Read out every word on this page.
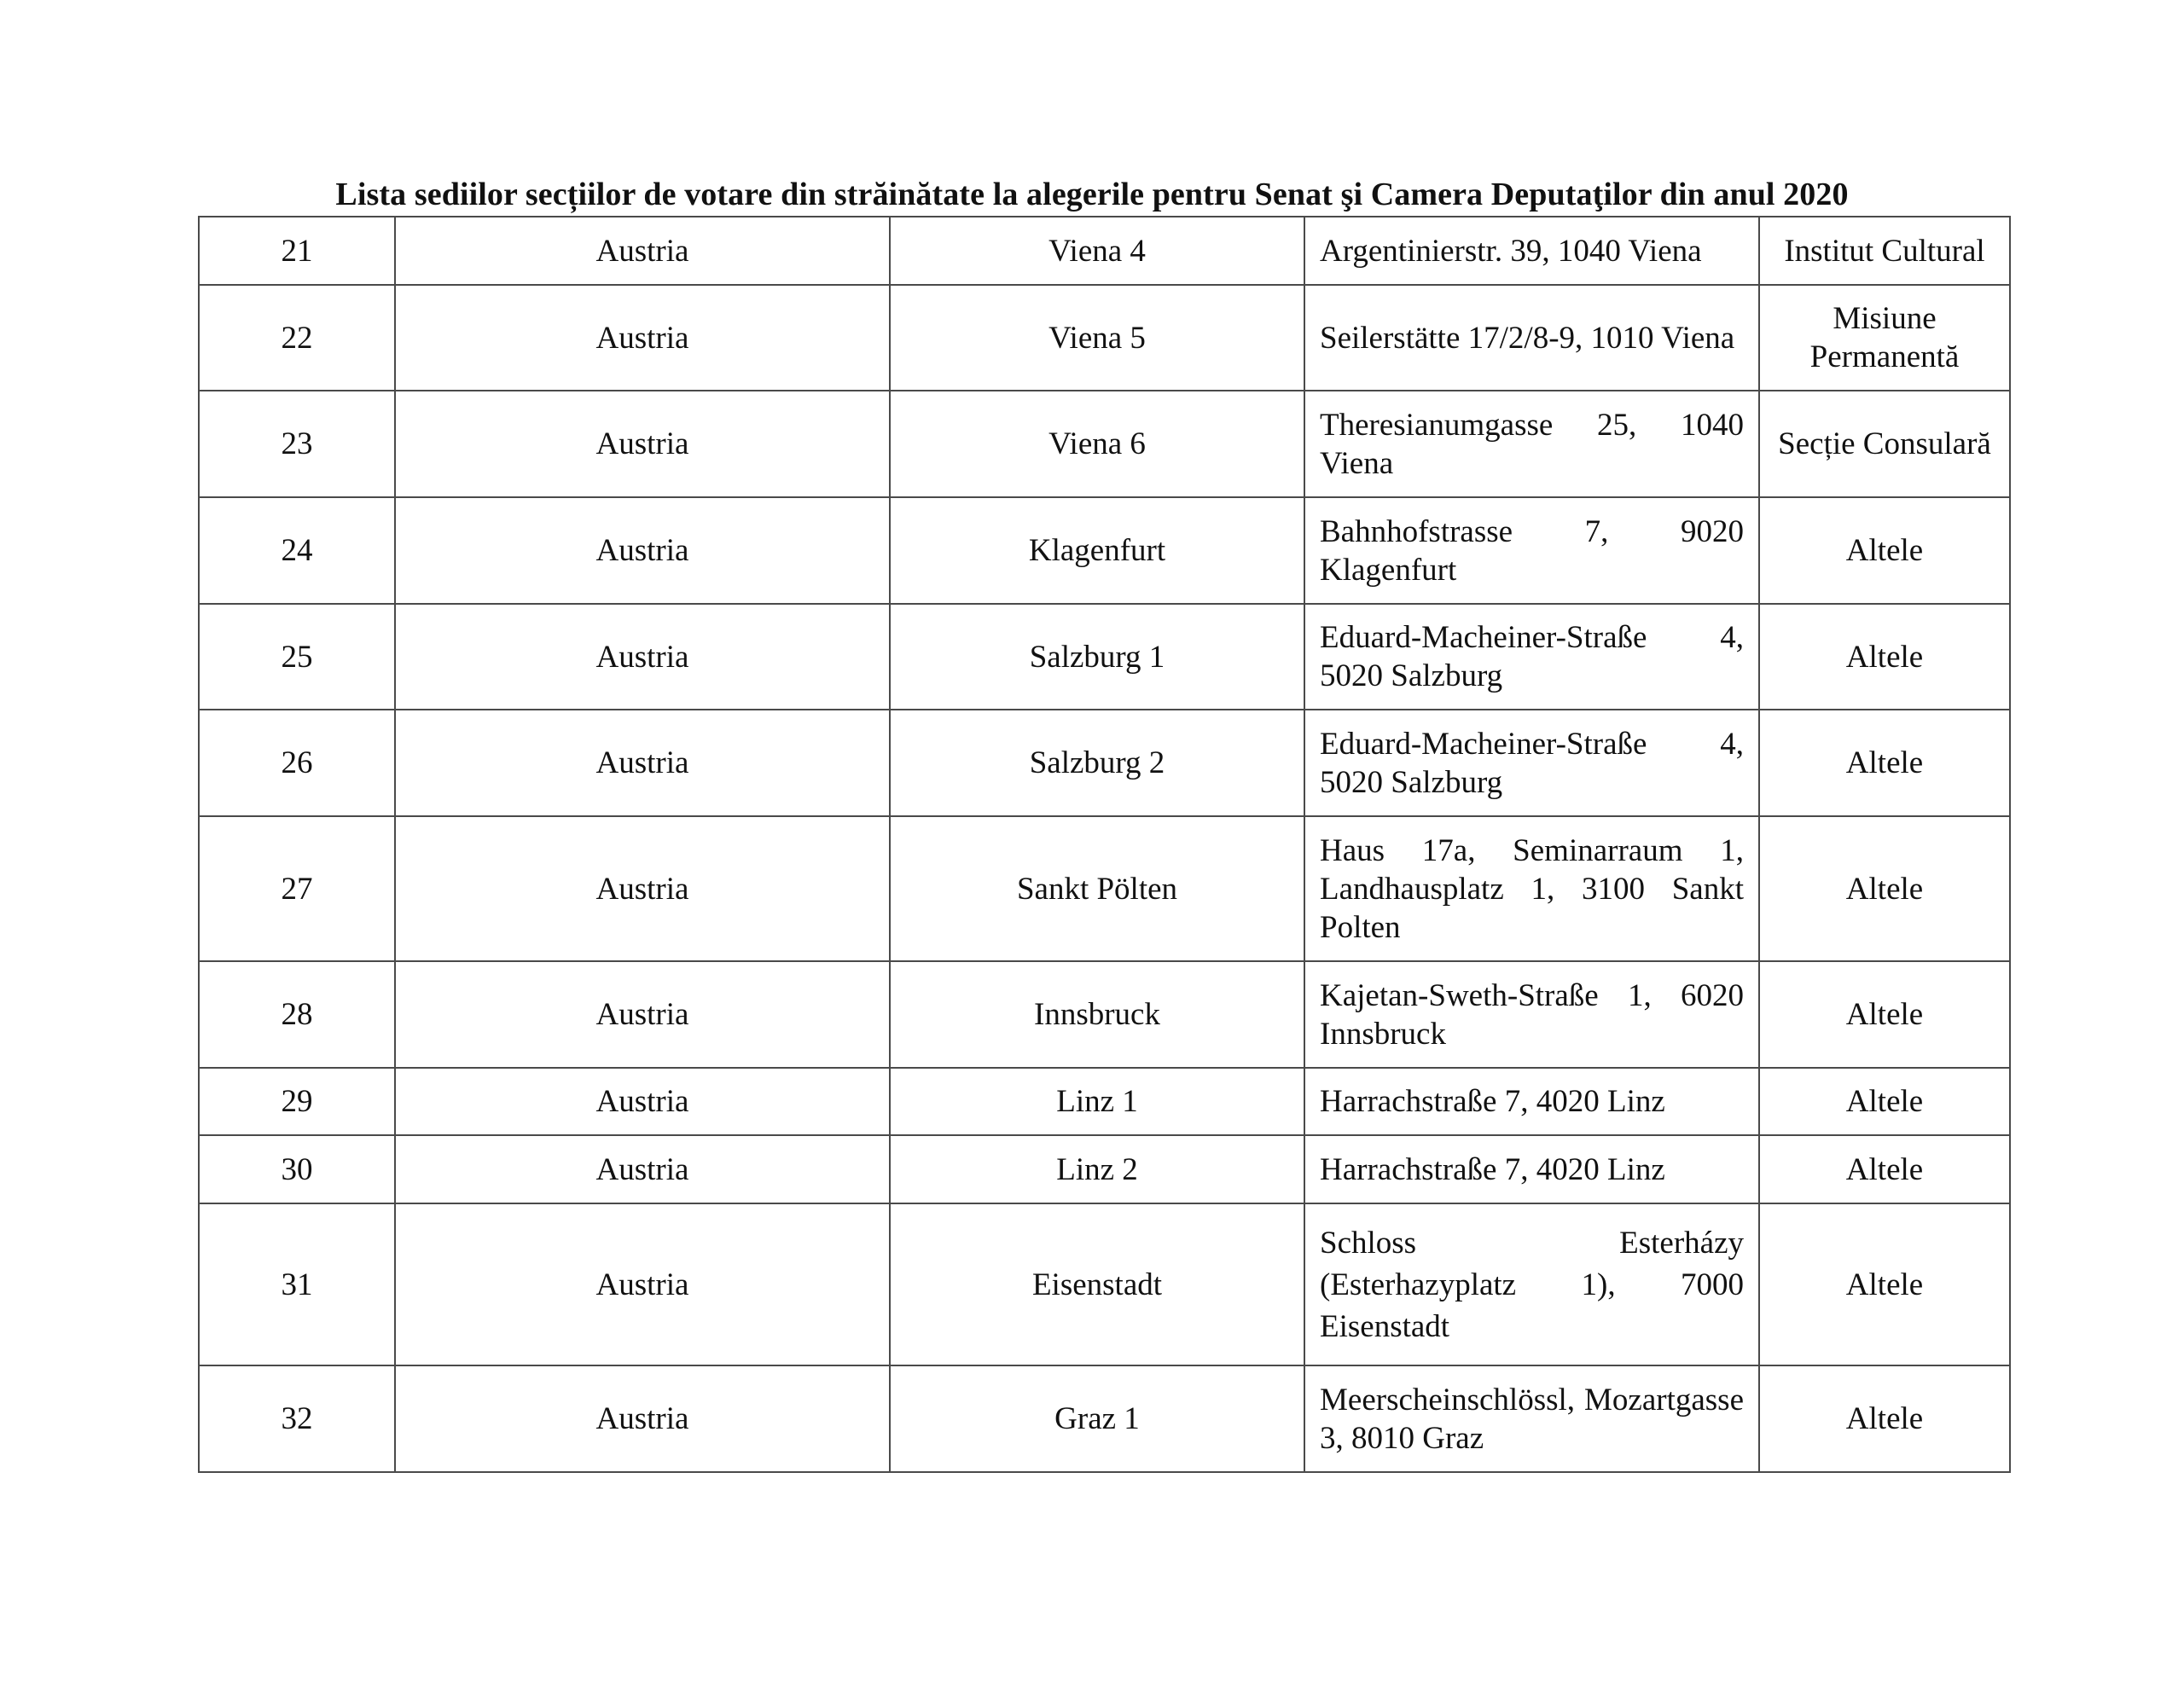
Lista sediilor secțiilor de votare din străinătate la alegerile pentru Senat şi Camera Deputaţilor din anul 2020
21	Austria	Viena 4	Argentinierstr. 39, 1040 Viena	Institut Cultural
22	Austria	Viena 5	Seilerstätte 17/2/8-9, 1010 Viena	Misiune Permanentă
23	Austria	Viena 6	Theresianumgasse 25, 1040 Viena	Secție Consulară
24	Austria	Klagenfurt	Bahnhofstrasse 7, 9020 Klagenfurt	Altele
25	Austria	Salzburg 1	Eduard-Macheiner-Straße 4, 5020 Salzburg	Altele
26	Austria	Salzburg 2	Eduard-Macheiner-Straße 4, 5020 Salzburg	Altele
27	Austria	Sankt Pölten	Haus 17a, Seminarraum 1, Landhausplatz 1, 3100 Sankt Polten	Altele
28	Austria	Innsbruck	Kajetan-Sweth-Straße 1, 6020 Innsbruck	Altele
29	Austria	Linz 1	Harrachstraße 7, 4020 Linz	Altele
30	Austria	Linz 2	Harrachstraße 7, 4020 Linz	Altele
31	Austria	Eisenstadt	Schloss Esterházy (Esterhazyplatz 1), 7000 Eisenstadt	Altele
32	Austria	Graz 1	Meerscheinschlössl, Mozartgasse 3, 8010 Graz	Altele
